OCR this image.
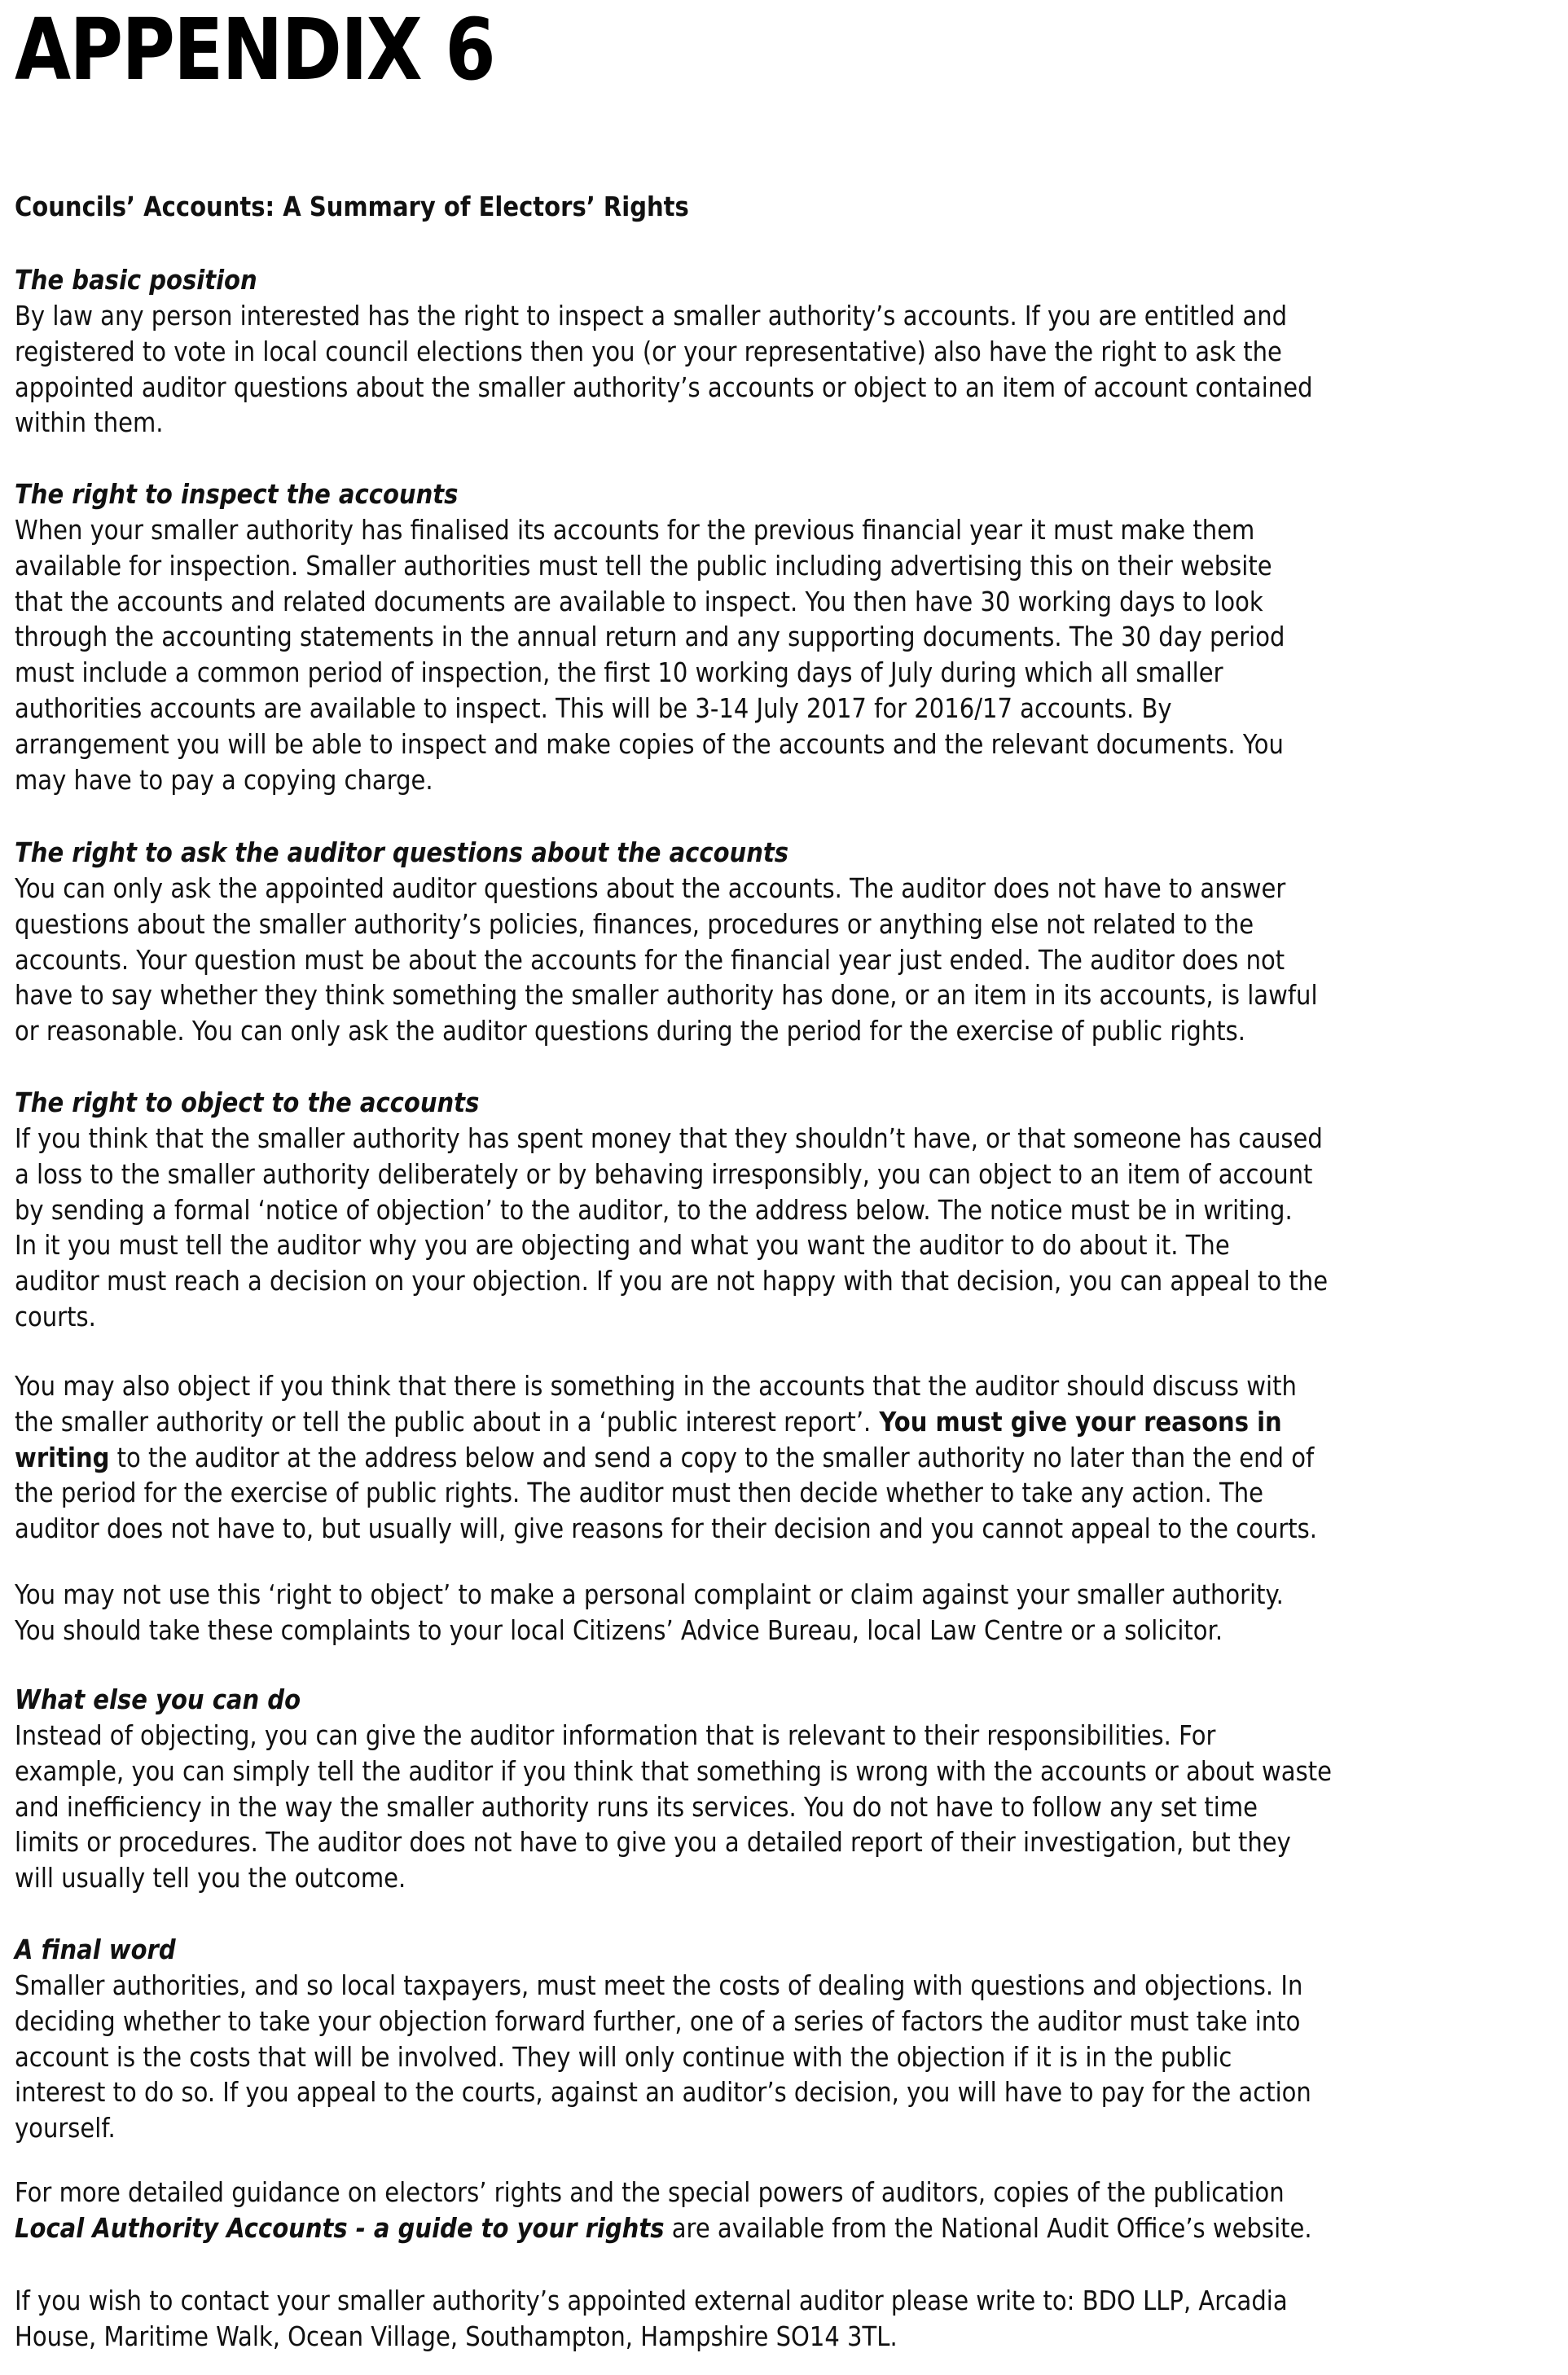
APPENDIX 6
Councils’ Accounts: A Summary of Electors’ Rights

The basic position

By law any person interested has the right to inspect a smaller authority’s accounts. If you are entitled and

registered to vote in local council elections then you (or your representative) also have the right to ask the

appointed auditor questions about the smaller authority’s accounts or object to an item of account contained

within them.

The right to inspect the accounts

When your smaller authority has finalised its accounts for the previous financial year it must make them

available for inspection. Smaller authorities must tell the public including advertising this on their website

that the accounts and related documents are available to inspect. You then have 30 working days to look

through the accounting statements in the annual return and any supporting documents. The 30 day period

must include a common period of inspection, the first 10 working days of July during which all smaller

authorities accounts are available to inspect. This will be 3-14 July 2017 for 2016/17 accounts. By

arrangement you will be able to inspect and make copies of the accounts and the relevant documents. You

may have to pay a copying charge.

The right to ask the auditor questions about the accounts

You can only ask the appointed auditor questions about the accounts. The auditor does not have to answer

questions about the smaller authority’s policies, finances, procedures or anything else not related to the

accounts. Your question must be about the accounts for the financial year just ended. The auditor does not

have to say whether they think something the smaller authority has done, or an item in its accounts, is lawful

or reasonable. You can only ask the auditor questions during the period for the exercise of public rights.

The right to object to the accounts

If you think that the smaller authority has spent money that they shouldn’t have, or that someone has caused

a loss to the smaller authority deliberately or by behaving irresponsibly, you can object to an item of account

by sending a formal ‘notice of objection’ to the auditor, to the address below. The notice must be in writing.

In it you must tell the auditor why you are objecting and what you want the auditor to do about it. The

auditor must reach a decision on your objection. If you are not happy with that decision, you can appeal to the

courts.

You may also object if you think that there is something in the accounts that the auditor should discuss with

the smaller authority or tell the public about in a ‘public interest report’. You must give your reasons in

writing to the auditor at the address below and send a copy to the smaller authority no later than the end of

the period for the exercise of public rights. The auditor must then decide whether to take any action. The

auditor does not have to, but usually will, give reasons for their decision and you cannot appeal to the courts.

You may not use this ‘right to object’ to make a personal complaint or claim against your smaller authority.

You should take these complaints to your local Citizens’ Advice Bureau, local Law Centre or a solicitor.

What else you can do

Instead of objecting, you can give the auditor information that is relevant to their responsibilities. For

example, you can simply tell the auditor if you think that something is wrong with the accounts or about waste

and inefficiency in the way the smaller authority runs its services. You do not have to follow any set time

limits or procedures. The auditor does not have to give you a detailed report of their investigation, but they

will usually tell you the outcome.

A final word

Smaller authorities, and so local taxpayers, must meet the costs of dealing with questions and objections. In

deciding whether to take your objection forward further, one of a series of factors the auditor must take into

account is the costs that will be involved. They will only continue with the objection if it is in the public

interest to do so. If you appeal to the courts, against an auditor’s decision, you will have to pay for the action

yourself.

For more detailed guidance on electors’ rights and the special powers of auditors, copies of the publication

Local Authority Accounts - a guide to your rights are available from the National Audit Office’s website.

If you wish to contact your smaller authority’s appointed external auditor please write to: BDO LLP, Arcadia

House, Maritime Walk, Ocean Village, Southampton, Hampshire SO14 3TL.
